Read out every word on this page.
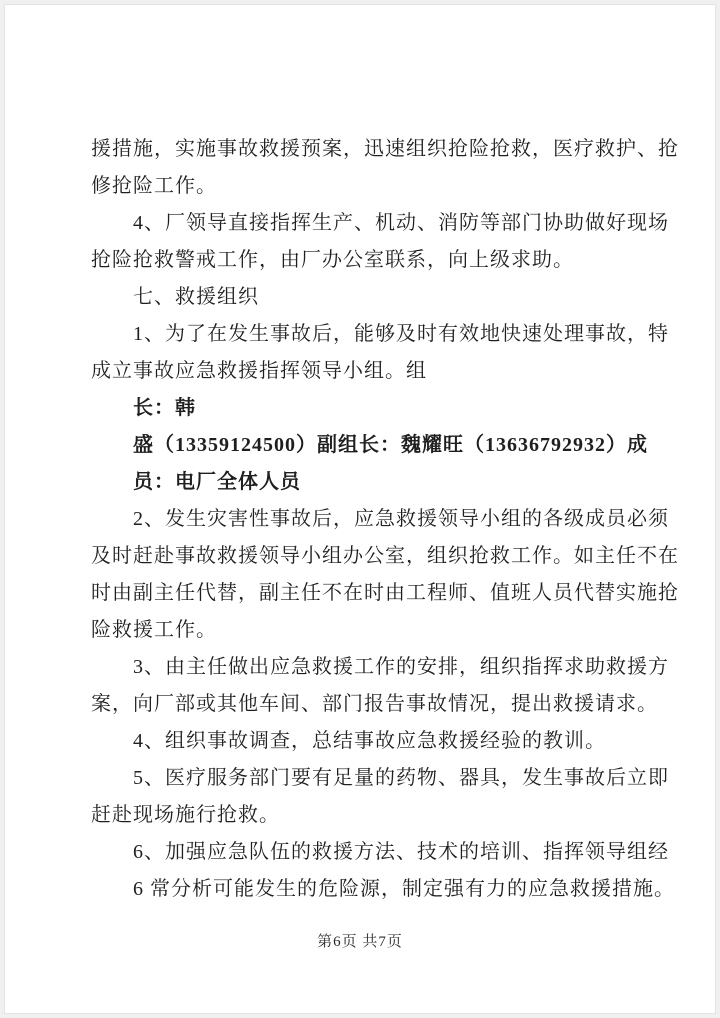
援措施，实施事故救援预案，迅速组织抢险抢救，医疗救护、抢
修抢险工作。
4、厂领导直接指挥生产、机动、消防等部门协助做好现场
抢险抢救警戒工作，由厂办公室联系，向上级求助。
七、救援组织
1、为了在发生事故后，能够及时有效地快速处理事故，特
成立事故应急救援指挥领导小组。组
长：韩
盛（13359124500）副组长：魏耀旺（13636792932）成
员：电厂全体人员
2、发生灾害性事故后，应急救援领导小组的各级成员必须
及时赶赴事故救援领导小组办公室，组织抢救工作。如主任不在
时由副主任代替，副主任不在时由工程师、值班人员代替实施抢
险救援工作。
3、由主任做出应急救援工作的安排，组织指挥求助救援方
案，向厂部或其他车间、部门报告事故情况，提出救援请求。
4、组织事故调查，总结事故应急救援经验的教训。
5、医疗服务部门要有足量的药物、器具，发生事故后立即
赶赴现场施行抢救。
6、加强应急队伍的救援方法、技术的培训、指挥领导组经
6 常分析可能发生的危险源，制定强有力的应急救援措施。
第6页 共7页
